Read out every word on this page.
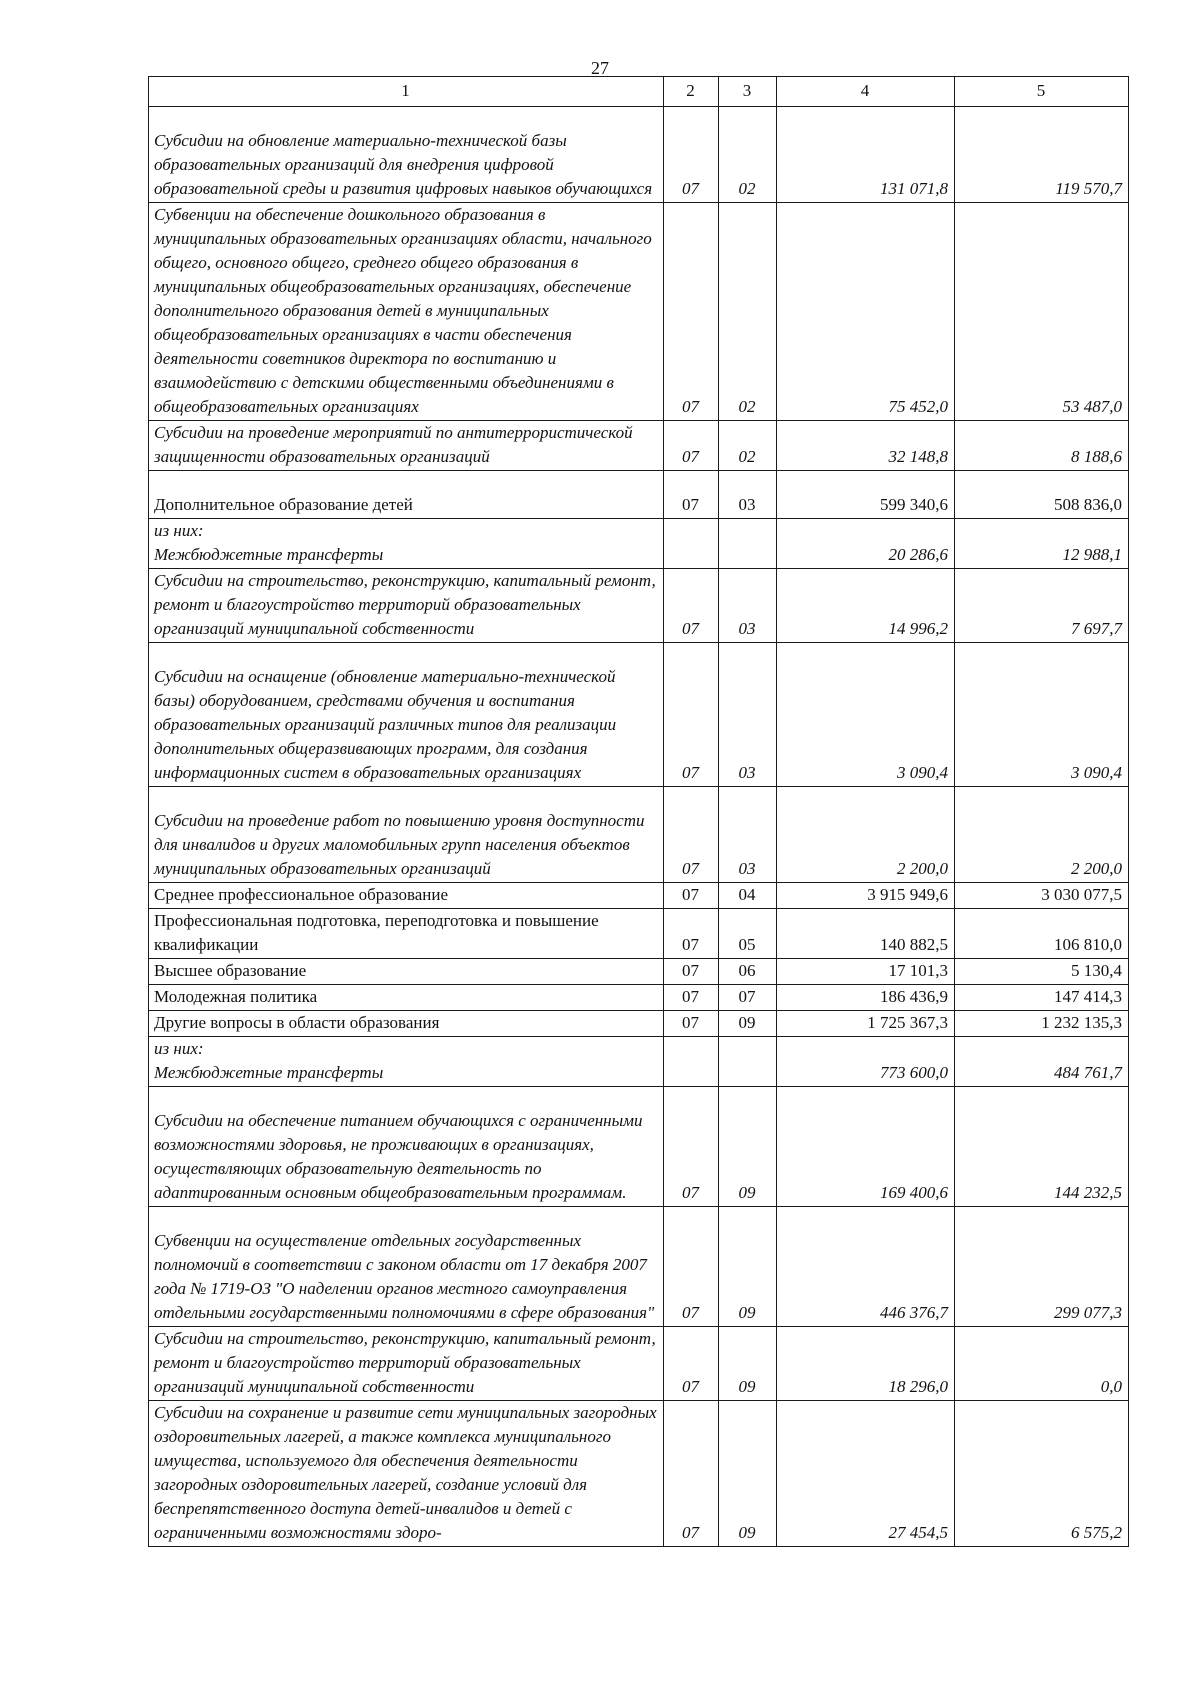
27
1	2	3	4	5
Субсидии на обновление материально-технической базы образовательных организаций для внедрения цифровой образовательной среды и развития цифровых навыков обучающихся	07	02	131 071,8	119 570,7
Субвенции на обеспечение дошкольного образования в муниципальных образовательных организациях области, начального общего, основного общего, среднего общего образования в муниципальных общеобразовательных организациях, обеспечение дополнительного образования детей в муниципальных общеобразовательных организациях в части обеспечения деятельности советников директора по воспитанию и взаимодействию с детскими общественными объединениями в общеобразовательных организациях	07	02	75 452,0	53 487,0
Субсидии на проведение мероприятий по антитеррористической защищенности образовательных организаций	07	02	32 148,8	8 188,6
Дополнительное образование детей	07	03	599 340,6	508 836,0
из них:
Межбюджетные трансферты			20 286,6	12 988,1
Субсидии на строительство, реконструкцию, капитальный ремонт, ремонт и благоустройство территорий образовательных организаций муниципальной собственности	07	03	14 996,2	7 697,7
Субсидии на оснащение (обновление материально-технической базы) оборудованием, средствами обучения и воспитания образовательных организаций различных типов для реализации дополнительных общеразвивающих программ, для создания информационных систем в образовательных организациях	07	03	3 090,4	3 090,4
Субсидии на проведение работ по повышению уровня доступности для инвалидов и других маломобильных групп населения объектов муниципальных образовательных организаций	07	03	2 200,0	2 200,0
Среднее профессиональное образование	07	04	3 915 949,6	3 030 077,5
Профессиональная подготовка, переподготовка и повышение квалификации	07	05	140 882,5	106 810,0
Высшее образование	07	06	17 101,3	5 130,4
Молодежная политика	07	07	186 436,9	147 414,3
Другие вопросы в области образования	07	09	1 725 367,3	1 232 135,3
из них:
Межбюджетные трансферты			773 600,0	484 761,7
Субсидии на обеспечение питанием обучающихся с ограниченными возможностями здоровья, не проживающих в организациях, осуществляющих образовательную деятельность по адаптированным основным общеобразовательным программам.	07	09	169 400,6	144 232,5
Субвенции на осуществление отдельных государственных полномочий в соответствии с законом области от 17 декабря 2007 года № 1719-ОЗ "О наделении органов местного самоуправления отдельными государственными полномочиями в сфере образования"	07	09	446 376,7	299 077,3
Субсидии на строительство, реконструкцию, капитальный ремонт, ремонт и благоустройство территорий образовательных организаций муниципальной собственности	07	09	18 296,0	0,0
Субсидии на сохранение и развитие сети муниципальных загородных оздоровительных лагерей, а также комплекса муниципального имущества, используемого для обеспечения деятельности загородных оздоровительных лагерей, создание условий для беспрепятственного доступа детей-инвалидов и детей с ограниченными возможностями здоро-	07	09	27 454,5	6 575,2
